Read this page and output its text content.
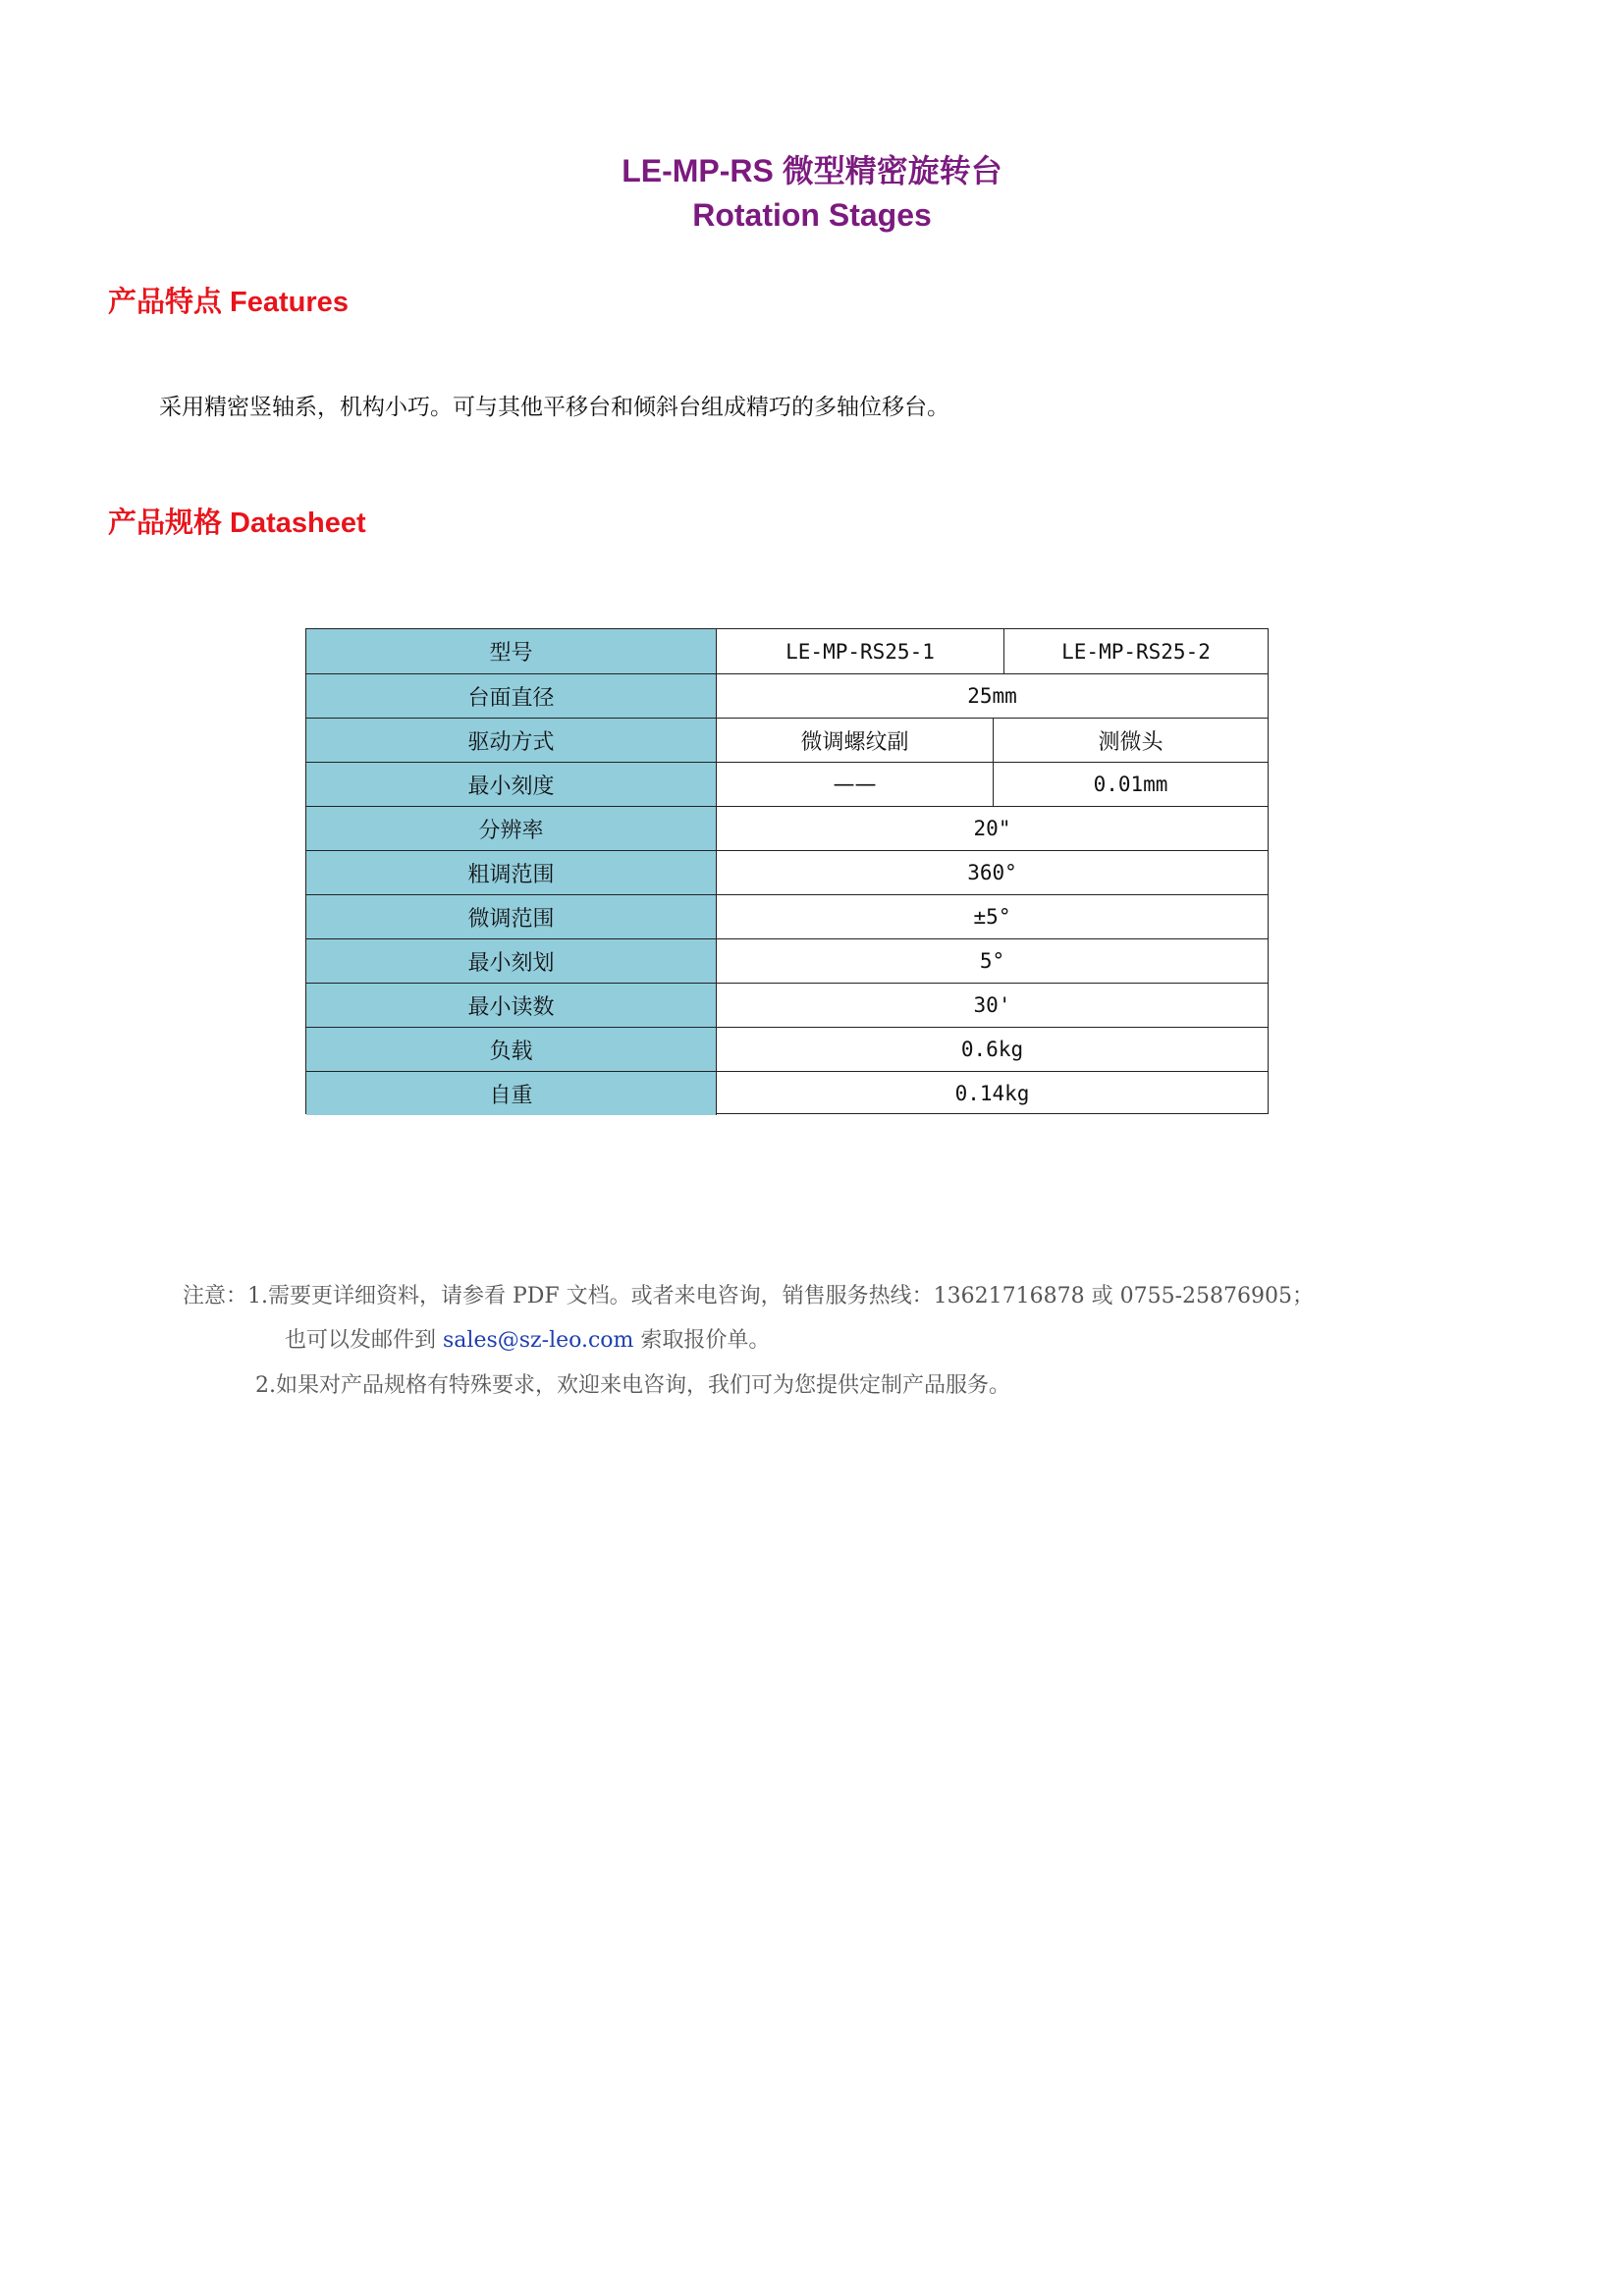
LE-MP-RS 微型精密旋转台
Rotation Stages
产品特点 Features

采用精密竖轴系，机构小巧。可与其他平移台和倾斜台组成精巧的多轴位移台。

产品规格 Datasheet
型号	LE-MP-RS25-1	LE-MP-RS25-2
台面直径	25mm
驱动方式	微调螺纹副	测微头
最小刻度	——	0.01mm
分辨率	20"
粗调范围	360°
微调范围	±5°
最小刻划	5°
最小读数	30'
负载	0.6kg
自重	0.14kg

注意：1.需要更详细资料，请参看 PDF 文档。或者来电咨询，销售服务热线：13621716878 或 0755-25876905；

也可以发邮件到 sales@sz-leo.com 索取报价单。

2.如果对产品规格有特殊要求，欢迎来电咨询，我们可为您提供定制产品服务。
